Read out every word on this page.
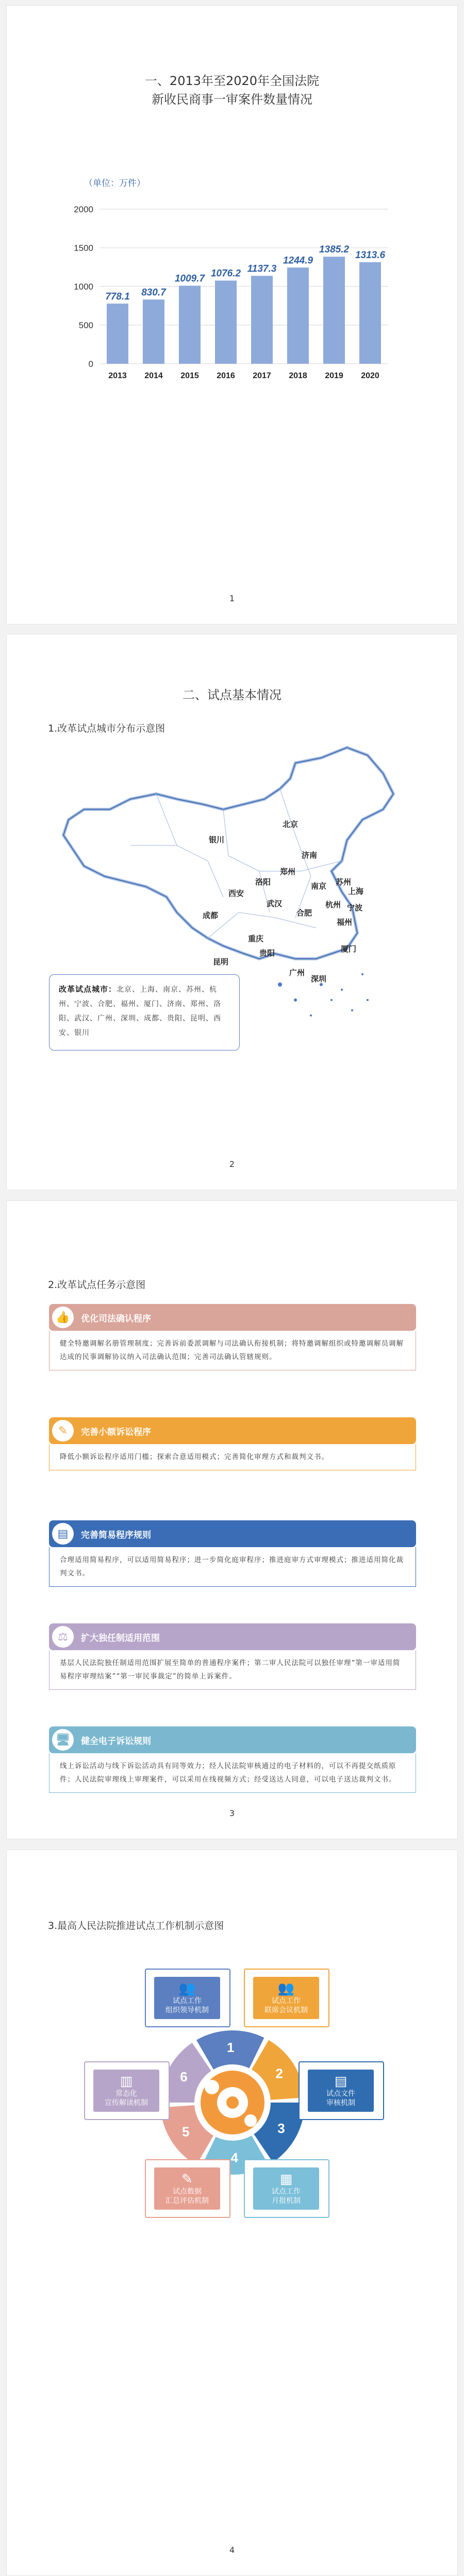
一、2013年至2020年全国法院
新收民商事一审案件数量情况
（单位：万件）
0
500
1000
1500
2000
778.1
2013
830.7
2014
1009.7
2015
1076.2
2016
1137.3
2017
1244.9
2018
1385.2
2019
1313.6
2020
1
二、试点基本情况
1.改革试点城市分布示意图
银川
北京
济南
郑州
南京 苏州
上海
西安
洛阳
合肥
武汉	杭州 宁波
成都
福州
重庆
贵阳
昆明
广州
深圳
厦门
改革试点城市：北京、上海、南京、苏州、杭州、宁波、合肥、福州、厦门、济南、郑州、洛阳、武汉、广州、深圳、成都、贵阳、昆明、西安、银川
2
2.改革试点任务示意图
👍	优化司法确认程序
健全特邀调解名册管理制度；完善诉前委派调解与司法确认衔接机制；将特邀调解组织或特邀调解员调解达成的民事调解协议纳入司法确认范围；完善司法确认管辖规则。
✎	完善小额诉讼程序
降低小额诉讼程序适用门槛；探索合意适用模式；完善简化审理方式和裁判文书。
▤	完善简易程序规则
合理适用简易程序，可以适用简易程序；进一步简化庭审程序；推进庭审方式审理模式；推进适用简化裁判文书。
⚖	扩大独任制适用范围
基层人民法院独任制适用范围扩展至简单的普通程序案件；第二审人民法院可以独任审理“第一审适用简易程序审理结案”“第一审民事裁定”的简单上诉案件。
🖥	健全电子诉讼规则
线上诉讼活动与线下诉讼活动具有同等效力；经人民法院审核通过的电子材料的，可以不再提交纸质原件；人民法院审理线上审理案件，可以采用在线视频方式；经受送达人同意，可以电子送达裁判文书。
3
3.最高人民法院推进试点工作机制示意图
1
2
3
4
5
6
👥
试点工作
组织领导机制
👥
试点工作
联席会议机制
▤
试点文件
审核机制
▦
试点工作
月报机制
✎
试点数据
汇总评估机制
▥
常态化
宣传解读机制
4
